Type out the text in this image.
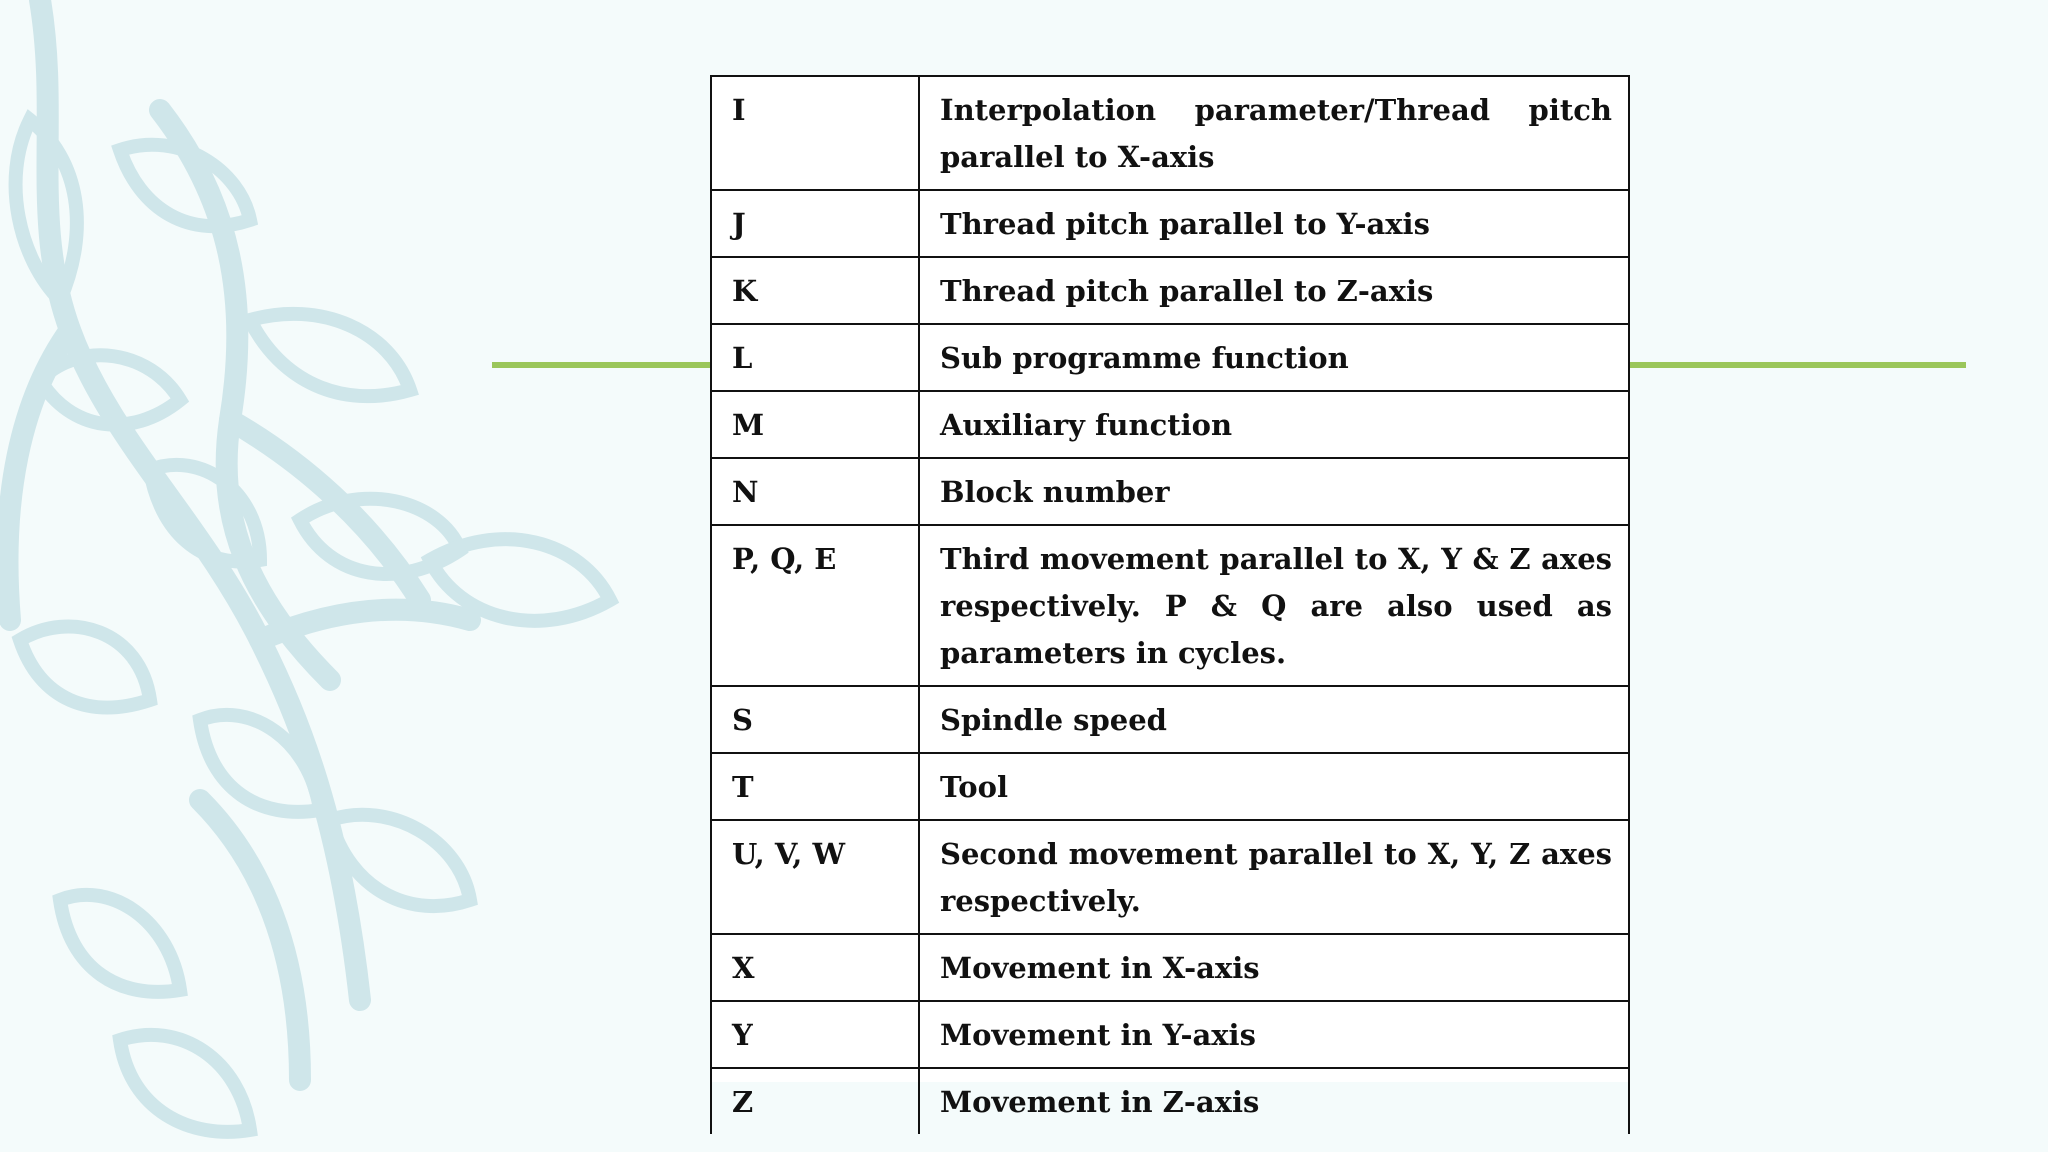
I	Interpolation parameter/Thread pitch parallel to X-axis
J	Thread pitch parallel to Y-axis
K	Thread pitch parallel to Z-axis
L	Sub programme function
M	Auxiliary function
N	Block number
P, Q, E	Third movement parallel to X, Y & Z axes respectively. P & Q are also used as parameters in cycles.
S	Spindle speed
T	Tool
U, V, W	Second movement parallel to X, Y, Z axes respectively.
X	Movement in X-axis
Y	Movement in Y-axis
Z	Movement in Z-axis
